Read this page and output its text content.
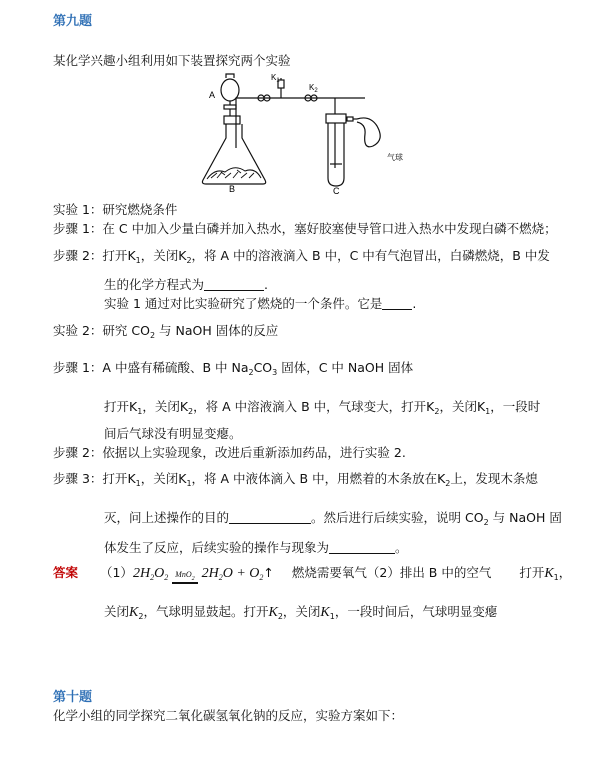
第九题
某化学兴趣小组利用如下装置探究两个实验
A
B	C
$K_1$
$K_2$
气球
实验 1：研究燃烧条件
步骤 1：在 C 中加入少量白磷并加入热水，塞好胶塞使导管口进入热水中发现白磷不燃烧；
步骤 2：打开$K_1$，关闭$K_2$，将 A 中的溶液滴入 B 中，C 中有气泡冒出，白磷燃烧，B 中发
生的化学方程式为	.
实验 1 通过对比实验研究了燃烧的一个条件。它是 .
实验 2：研究 $CO_2$ 与 NaOH 固体的反应
步骤 1：A 中盛有稀硫酸、B 中 $Na_2CO_3$ 固体，C 中 NaOH 固体
打开$K_1$，关闭$K_2$，将 A 中溶液滴入 B 中，气球变大，打开$K_2$，关闭$K_1$，一段时
间后气球没有明显变瘪。
步骤 2：依据以上实验现象，改进后重新添加药品，进行实验 2.
步骤 3：打开$K_1$，关闭$K_1$，将 A 中液体滴入 B 中，用燃着的木条放在$K_2$上，发现木条熄
灭，问上述操作的目的	。然后进行后续实验，说明 $CO_2$ 与 NaOH 固
体发生了反应，后续实验的操作与现象为	。
答案 $(1)2H_2O_2$ MnO$_2$ $2H_2O$ + $O_2↑$ 燃烧需要氧气（2）排出 B 中的空气 打开$K_1$，
关闭$K_2$，气球明显鼓起。打开$K_2$，关闭$K_1$，一段时间后，气球明显变瘪
第十题
化学小组的同学探究二氧化碳氢氧化钠的反应，实验方案如下：
